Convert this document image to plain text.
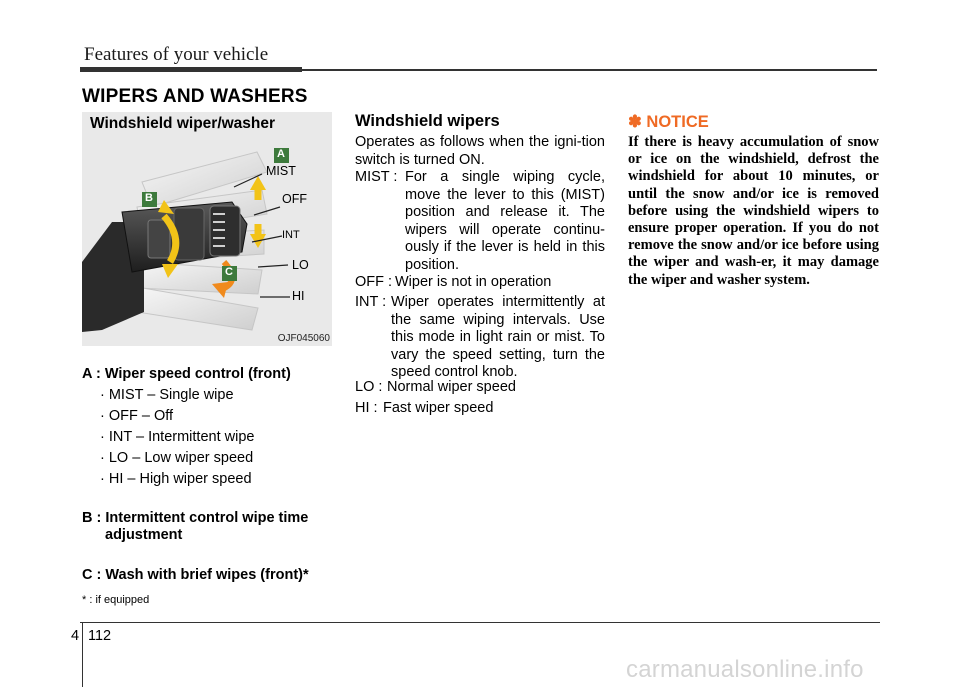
Features of your vehicle
WIPERS AND WASHERS
Windshield wiper/washer
A
B
C
MIST
OFF
INT
LO
HI
OJF045060
A : Wiper speed control (front)
· MIST – Single wipe
· OFF – Off
· INT – Intermittent wipe
· LO – Low wiper speed
· HI – High wiper speed
B : Intermittent control wipe time
adjustment
C : Wash with brief wipes (front)*
* : if equipped
Windshield wipers
Operates as follows when the igni-tion switch is turned ON.
MIST : For a single wiping cycle, move the lever to this (MIST) position and release it. The wipers will operate continu-ously if the lever is held in this position.
OFF : Wiper is not in operation
INT : Wiper operates intermittently at the same wiping intervals. Use this mode in light rain or mist. To vary the speed setting, turn the speed control knob.
LO : Normal wiper speed
HI : Fast wiper speed
✽ NOTICE
If there is heavy accumulation of snow or ice on the windshield, defrost the windshield for about 10 minutes, or until the snow and/or ice is removed before using the windshield wipers to ensure proper operation. If you do not remove the snow and/or ice before using the wiper and wash-er, it may damage the wiper and washer system.
4 112
carmanualsonline.info
